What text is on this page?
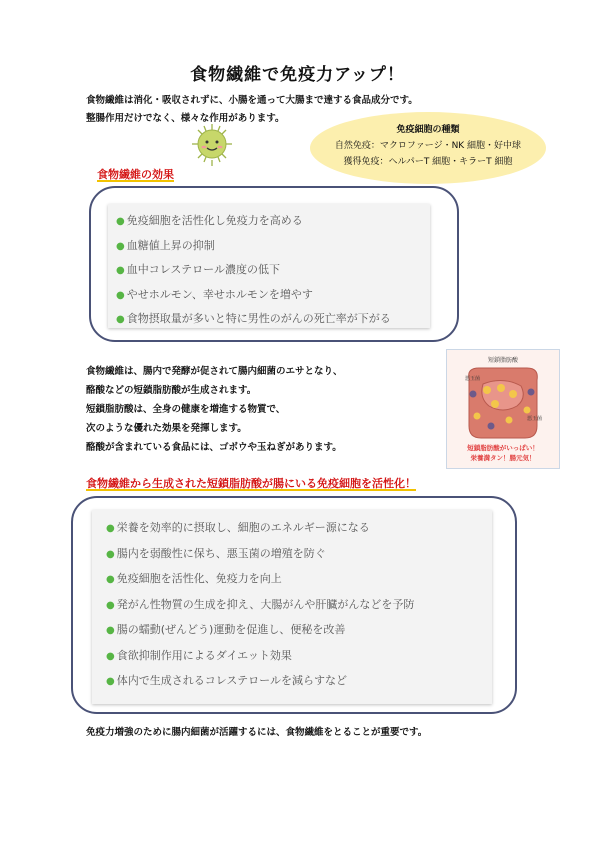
食物繊維で免疫力アップ！

食物繊維は消化・吸収されずに、小腸を通って大腸まで達する食品成分です。

整腸作用だけでなく、様々な作用があります。

免疫細胞の種類
自然免疫：マクロファージ・NK 細胞・好中球
獲得免疫：ヘルパーT 細胞・キラーT 細胞
食物繊維の効果
● 免疫細胞を活性化し免疫力を高める
● 血糖値上昇の抑制
● 血中コレステロール濃度の低下
● やせホルモン、幸せホルモンを増やす
● 食物摂取量が多いと特に男性のがんの死亡率が下がる

食物繊維は、腸内で発酵が促されて腸内細菌のエサとなり、

酪酸などの短鎖脂肪酸が生成されます。

短鎖脂肪酸は、全身の健康を増進する物質で、

次のような優れた効果を発揮します。

酪酸が含まれている食品には、ゴボウや玉ねぎがあります。

短鎖脂肪酸
悪玉菌
悪玉菌
短鎖脂肪酸がいっぱい！
栄養満タン！腸元気！
食物繊維から生成された短鎖脂肪酸が腸にいる免疫細胞を活性化！
● 栄養を効率的に摂取し、細胞のエネルギー源になる
● 腸内を弱酸性に保ち、悪玉菌の増殖を防ぐ
● 免疫細胞を活性化、免疫力を向上
● 発がん性物質の生成を抑え、大腸がんや肝臓がんなどを予防
● 腸の蠕動(ぜんどう)運動を促進し、便秘を改善
● 食欲抑制作用によるダイエット効果
● 体内で生成されるコレステロールを減らすなど
免疫力増強のために腸内細菌が活躍するには、食物繊維をとることが重要です。
